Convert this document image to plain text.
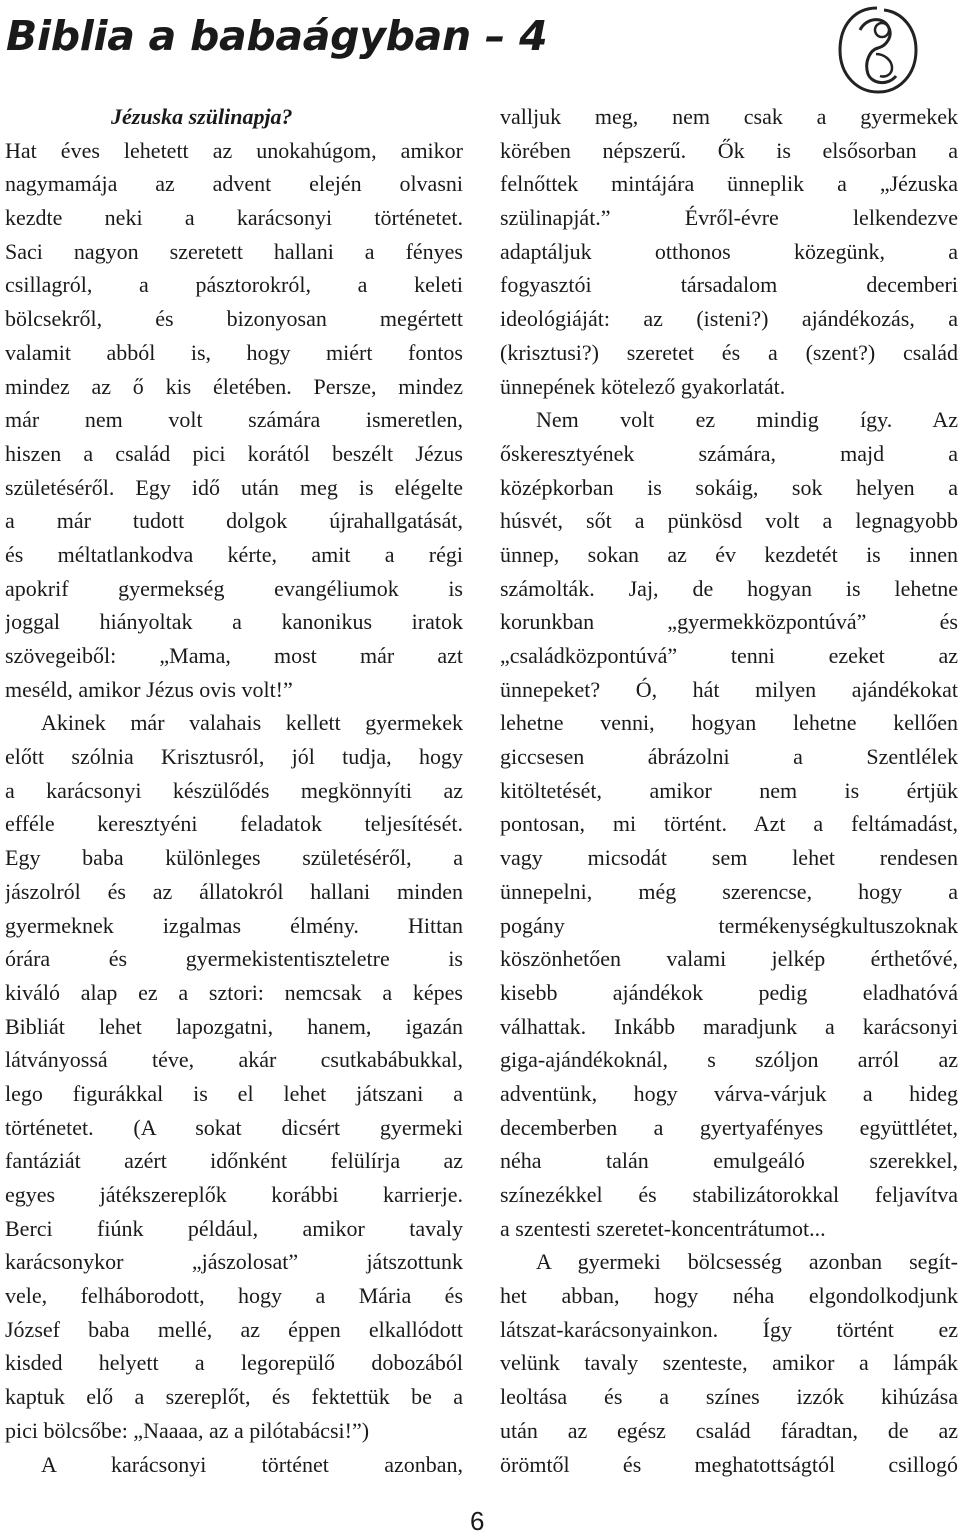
Biblia a babaágyban – 4
Jézuska szülinapja?
Hat éves lehetett az unokahúgom, amikor
nagymamája az advent elején olvasni
kezdte neki a karácsonyi történetet.
Saci nagyon szeretett hallani a fényes
csillagról, a pásztorokról, a keleti
bölcsekről, és bizonyosan megértett
valamit abból is, hogy miért fontos
mindez az ő kis életében. Persze, mindez
már nem volt számára ismeretlen,
hiszen a család pici korától beszélt Jézus
születéséről. Egy idő után meg is elégelte
a már tudott dolgok újrahallgatását,
és méltatlankodva kérte, amit a régi
apokrif gyermekség evangéliumok is
joggal hiányoltak a kanonikus iratok
szövegeiből: „Mama, most már azt
meséld, amikor Jézus ovis volt!”
Akinek már valahais kellett gyermekek
előtt szólnia Krisztusról, jól tudja, hogy
a karácsonyi készülődés megkönnyíti az
efféle keresztyéni feladatok teljesítését.
Egy baba különleges születéséről, a
jászolról és az állatokról hallani minden
gyermeknek izgalmas élmény. Hittan
órára és gyermekistentiszteletre is
kiváló alap ez a sztori: nemcsak a képes
Bibliát lehet lapozgatni, hanem, igazán
látványossá téve, akár csutkabábukkal,
lego figurákkal is el lehet játszani a
történetet. (A sokat dicsért gyermeki
fantáziát azért időnként felülírja az
egyes játékszereplők korábbi karrierje.
Berci fiúnk például, amikor tavaly
karácsonykor „jászolosat” játszottunk
vele, felháborodott, hogy a Mária és
József baba mellé, az éppen elkallódott
kisded helyett a legorepülő dobozából
kaptuk elő a szereplőt, és fektettük be a
pici bölcsőbe: „Naaaa, az a pilótabácsi!”)
A karácsonyi történet azonban,
valljuk meg, nem csak a gyermekek
körében népszerű. Ők is elsősorban a
felnőttek mintájára ünneplik a „Jézuska
szülinapját.” Évről-évre lelkendezve
adaptáljuk otthonos közegünk, a
fogyasztói társadalom decemberi
ideológiáját: az (isteni?) ajándékozás, a
(krisztusi?) szeretet és a (szent?) család
ünnepének kötelező gyakorlatát.
Nem volt ez mindig így. Az
őskeresztyének számára, majd a
középkorban is sokáig, sok helyen a
húsvét, sőt a pünkösd volt a legnagyobb
ünnep, sokan az év kezdetét is innen
számolták. Jaj, de hogyan is lehetne
korunkban „gyermekközpontúvá” és
„családközpontúvá” tenni ezeket az
ünnepeket? Ó, hát milyen ajándékokat
lehetne venni, hogyan lehetne kellően
giccsesen ábrázolni a Szentlélek
kitöltetését, amikor nem is értjük
pontosan, mi történt. Azt a feltámadást,
vagy micsodát sem lehet rendesen
ünnepelni, még szerencse, hogy a
pogány termékenységkultuszoknak
köszönhetően valami jelkép érthetővé,
kisebb ajándékok pedig eladhatóvá
válhattak. Inkább maradjunk a karácsonyi
giga-ajándékoknál, s szóljon arról az
adventünk, hogy várva-várjuk a hideg
decemberben a gyertyafényes együttlétet,
néha talán emulgeáló szerekkel,
színezékkel és stabilizátorokkal feljavítva
a szentesti szeretet-koncentrátumot...
A gyermeki bölcsesség azonban segít-
het abban, hogy néha elgondolkodjunk
látszat-karácsonyainkon. Így történt ez
velünk tavaly szenteste, amikor a lámpák
leoltása és a színes izzók kihúzása
után az egész család fáradtan, de az
örömtől és meghatottságtól csillogó
6
